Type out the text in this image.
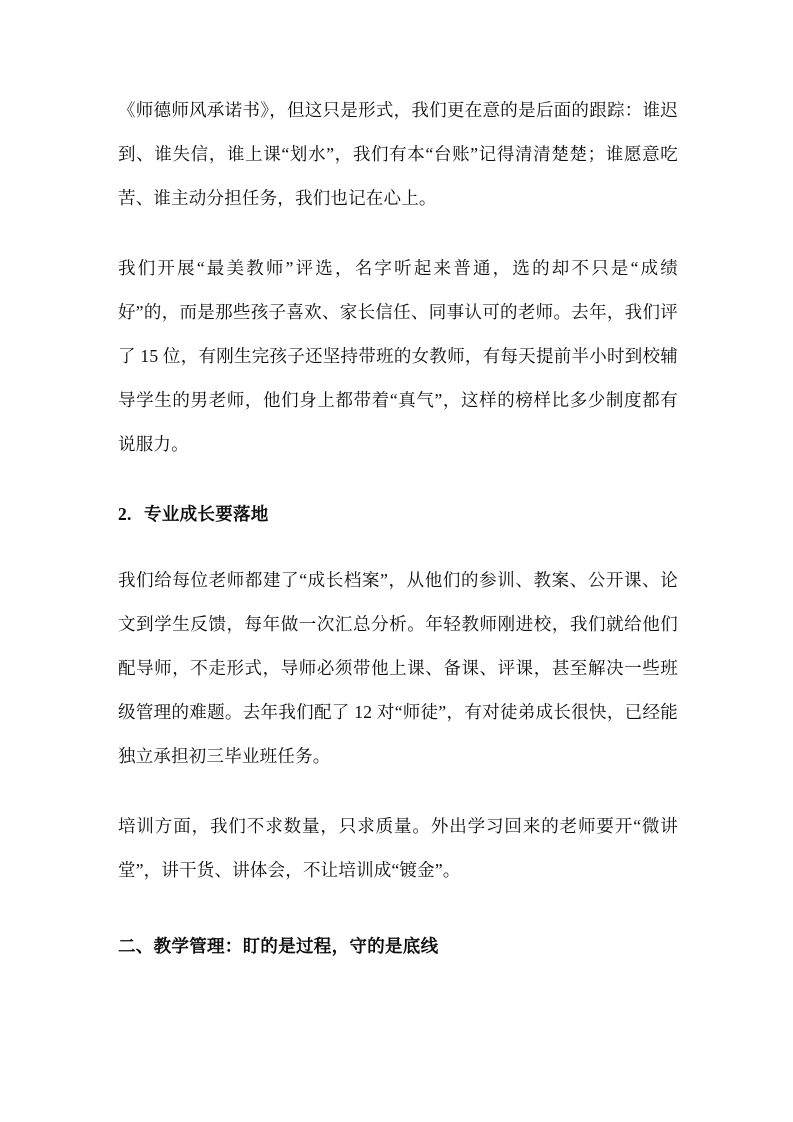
《师德师风承诺书》，但这只是形式，我们更在意的是后面的跟踪：谁迟到、谁失信，谁上课“划水”，我们有本“台账”记得清清楚楚；谁愿意吃苦、谁主动分担任务，我们也记在心上。

我们开展“最美教师”评选，名字听起来普通，选的却不只是“成绩好”的，而是那些孩子喜欢、家长信任、同事认可的老师。去年，我们评了 15 位，有刚生完孩子还坚持带班的女教师，有每天提前半小时到校辅导学生的男老师，他们身上都带着“真气”，这样的榜样比多少制度都有说服力。

2. 专业成长要落地

我们给每位老师都建了“成长档案”，从他们的参训、教案、公开课、论文到学生反馈，每年做一次汇总分析。年轻教师刚进校，我们就给他们配导师，不走形式，导师必须带他上课、备课、评课，甚至解决一些班级管理的难题。去年我们配了 12 对“师徒”，有对徒弟成长很快，已经能独立承担初三毕业班任务。

培训方面，我们不求数量，只求质量。外出学习回来的老师要开“微讲堂”，讲干货、讲体会，不让培训成“镀金”。

二、教学管理：盯的是过程，守的是底线
